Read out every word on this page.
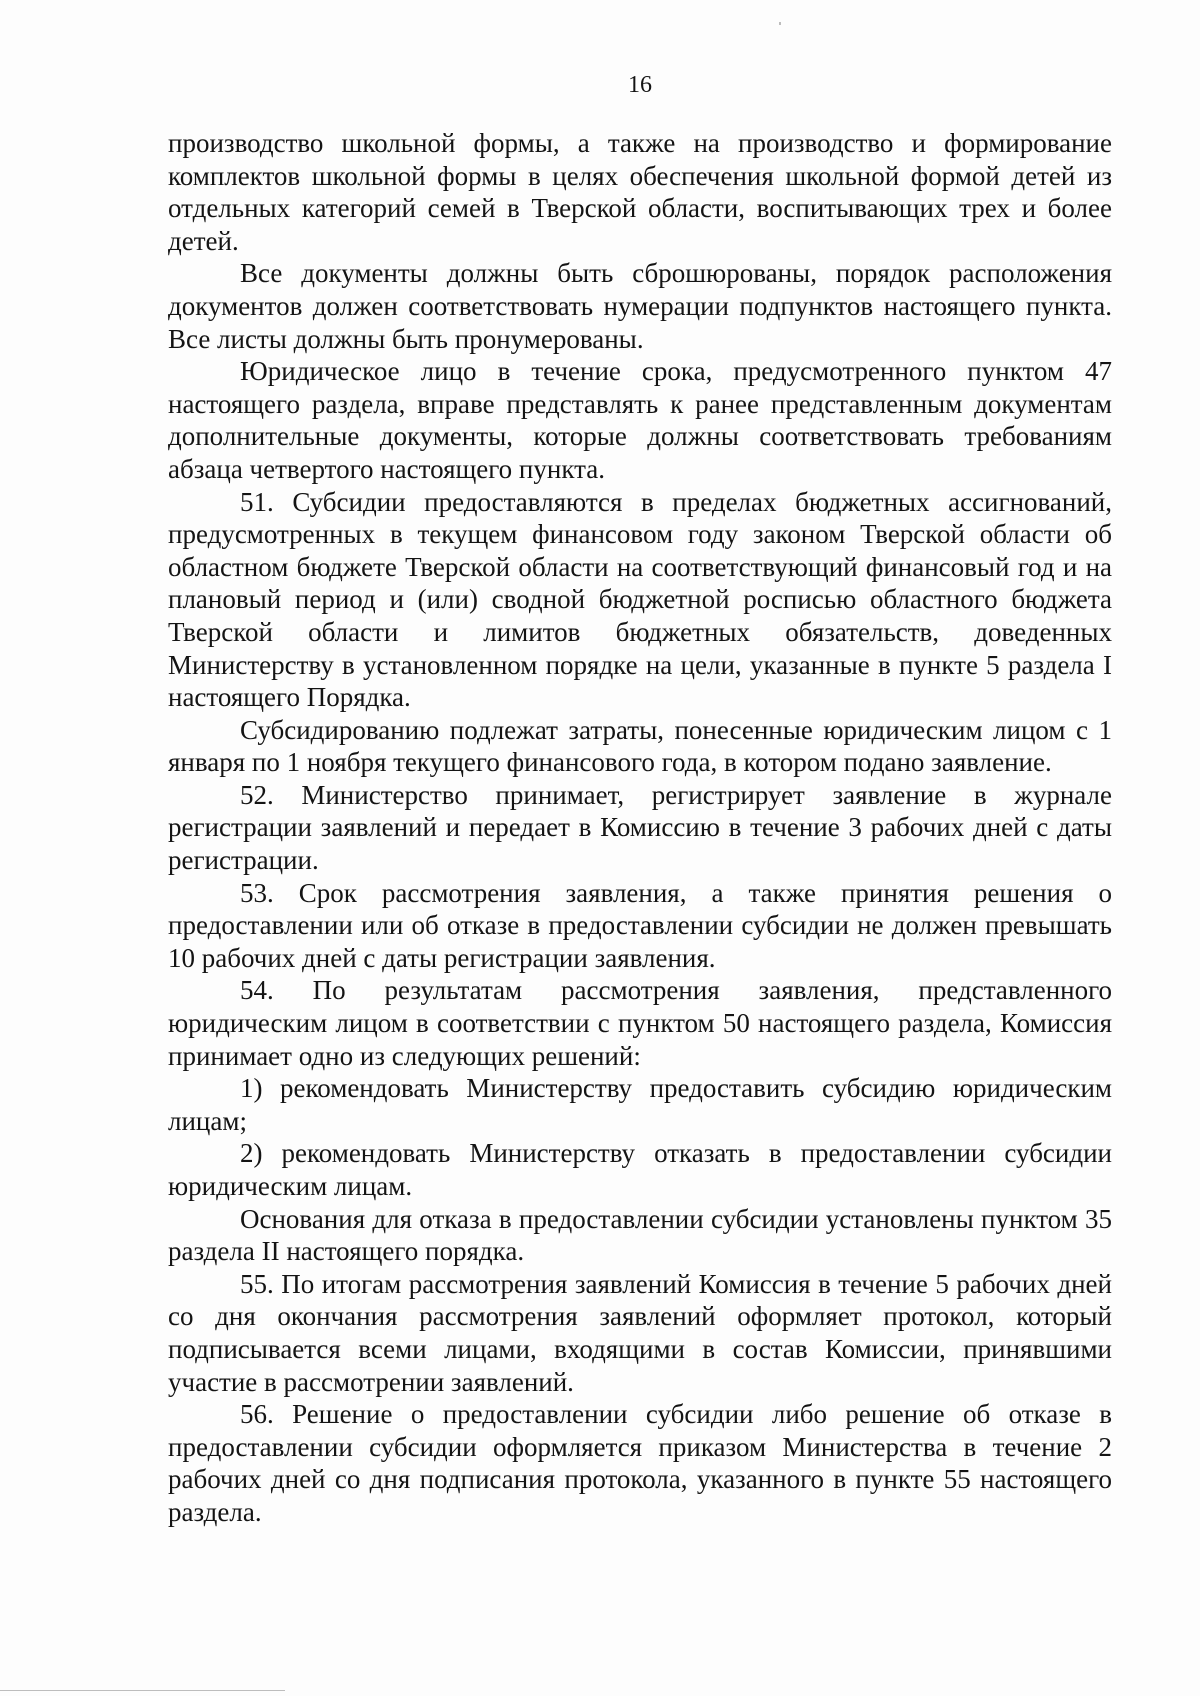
16

производство школьной формы, а также на производство и формирование комплектов школьной формы в целях обеспечения школьной формой детей из отдельных категорий семей в Тверской области, воспитывающих трех и более детей.

Все документы должны быть сброшюрованы, порядок расположения документов должен соответствовать нумерации подпунктов настоящего пункта. Все листы должны быть пронумерованы.

Юридическое лицо в течение срока, предусмотренного пунктом 47 настоящего раздела, вправе представлять к ранее представленным документам дополнительные документы, которые должны соответствовать требованиям абзаца четвертого настоящего пункта.

51. Субсидии предоставляются в пределах бюджетных ассигнований, предусмотренных в текущем финансовом году законом Тверской области об областном бюджете Тверской области на соответствующий финансовый год и на плановый период и (или) сводной бюджетной росписью областного бюджета Тверской области и лимитов бюджетных обязательств, доведенных Министерству в установленном порядке на цели, указанные в пункте 5 раздела I настоящего Порядка.

Субсидированию подлежат затраты, понесенные юридическим лицом с 1 января по 1 ноября текущего финансового года, в котором подано заявление.

52. Министерство принимает, регистрирует заявление в журнале регистрации заявлений и передает в Комиссию в течение 3 рабочих дней с даты регистрации.

53. Срок рассмотрения заявления, а также принятия решения о предоставлении или об отказе в предоставлении субсидии не должен превышать 10 рабочих дней с даты регистрации заявления.

54. По результатам рассмотрения заявления, представленного юридическим лицом в соответствии с пунктом 50 настоящего раздела, Комиссия принимает одно из следующих решений:

1) рекомендовать Министерству предоставить субсидию юридическим лицам;

2) рекомендовать Министерству отказать в предоставлении субсидии юридическим лицам.

Основания для отказа в предоставлении субсидии установлены пунктом 35 раздела II настоящего порядка.

55. По итогам рассмотрения заявлений Комиссия в течение 5 рабочих дней со дня окончания рассмотрения заявлений оформляет протокол, который подписывается всеми лицами, входящими в состав Комиссии, принявшими участие в рассмотрении заявлений.

56. Решение о предоставлении субсидии либо решение об отказе в предоставлении субсидии оформляется приказом Министерства в течение 2 рабочих дней со дня подписания протокола, указанного в пункте 55 настоящего раздела.
